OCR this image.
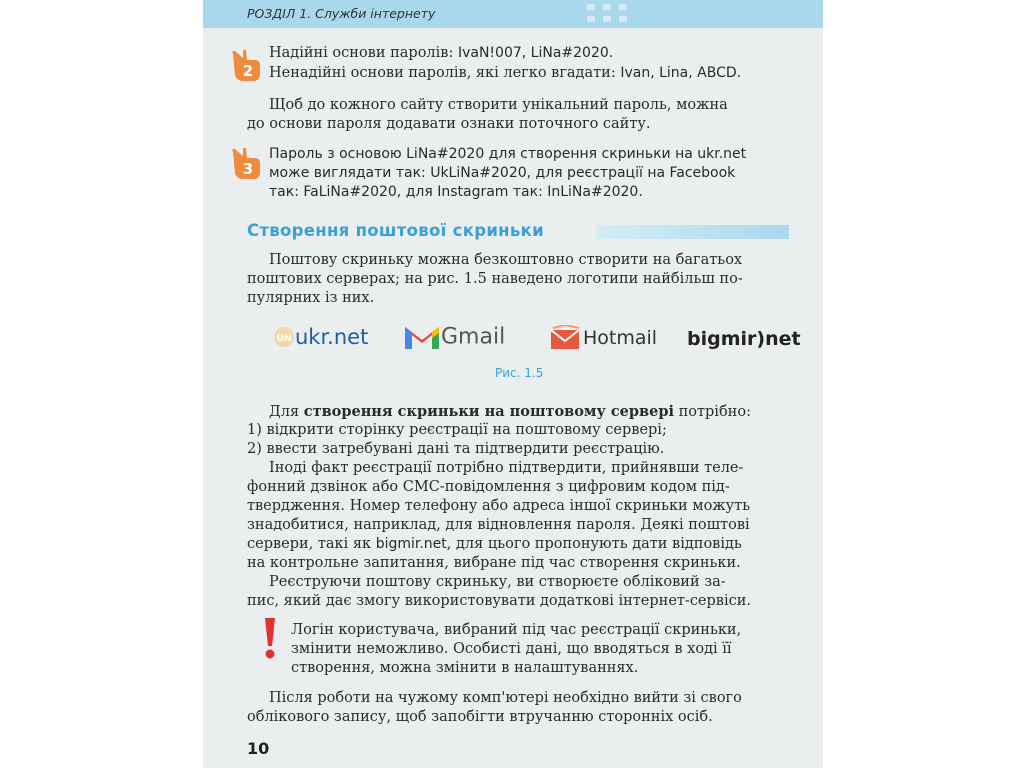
РОЗДІЛ 1. Служби інтернету
2
Надійні основи паролів: IvaN!007, LiNa#2020.
Ненадійні основи паролів, які легко вгадати: Ivan, Lina, ABCD.
Щоб до кожного сайту створити унікальний пароль, можна
до основи пароля додавати ознаки поточного сайту.
3
Пароль з основою LiNa#2020 для створення скриньки на ukr.net
може виглядати так: UkLiNa#2020, для реєстрації на Facebook
так: FaLiNa#2020, для Instagram так: InLiNa#2020.
Створення поштової скриньки
Поштову скриньку можна безкоштовно створити на багатьох
поштових серверах; на рис. 1.5 наведено логотипи найбільш по-
пулярних із них.
UN ukr.net	Gmail	Hotmail bigmir)net
Рис. 1.5
Для створення скриньки на поштовому сервері потрібно:
1) відкрити сторінку реєстрації на поштовому сервері;
2) ввести затребувані дані та підтвердити реєстрацію.
Іноді факт реєстрації потрібно підтвердити, прийнявши теле-
фонний дзвінок або СМС-повідомлення з цифровим кодом під-
твердження. Номер телефону або адреса іншої скриньки можуть
знадобитися, наприклад, для відновлення пароля. Деякі поштові
сервери, такі як bigmir.net, для цього пропонують дати відповідь
на контрольне запитання, вибране під час створення скриньки.
Реєструючи поштову скриньку, ви створюєте обліковий за-
пис, який дає змогу використовувати додаткові інтернет-сервіси.
Логін користувача, вибраний під час реєстрації скриньки,
змінити неможливо. Особисті дані, що вводяться в ході її
створення, можна змінити в налаштуваннях.
Після роботи на чужому комп'ютері необхідно вийти зі свого
облікового запису, щоб запобігти втручанню сторонніх осіб.
10
